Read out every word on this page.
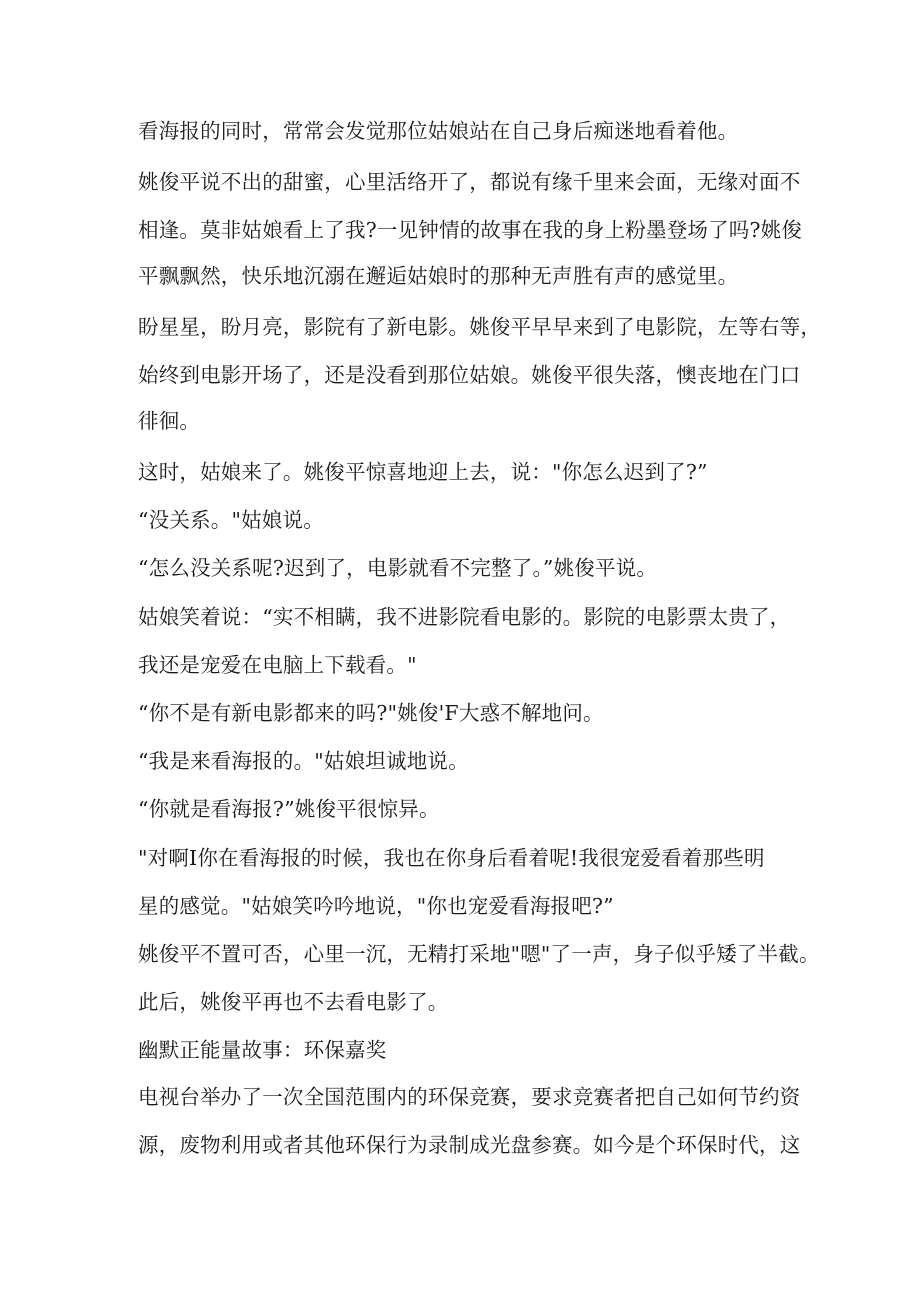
看海报的同时，常常会发觉那位姑娘站在自己身后痴迷地看着他。
姚俊平说不出的甜蜜，心里活络开了，都说有缘千里来会面，无缘对面不
相逢。莫非姑娘看上了我?一见钟情的故事在我的身上粉墨登场了吗?姚俊
平飘飘然，快乐地沉溺在邂逅姑娘时的那种无声胜有声的感觉里。
盼星星，盼月亮，影院有了新电影。姚俊平早早来到了电影院，左等右等，
始终到电影开场了，还是没看到那位姑娘。姚俊平很失落，懊丧地在门口
徘徊。
这时，姑娘来了。姚俊平惊喜地迎上去，说："你怎么迟到了?”
“没关系。"姑娘说。
“怎么没关系呢?迟到了，电影就看不完整了。”姚俊平说。
姑娘笑着说：“实不相瞒，我不进影院看电影的。影院的电影票太贵了，
我还是宠爱在电脑上下载看。"
“你不是有新电影都来的吗?"姚俊'F大惑不解地问。
“我是来看海报的。"姑娘坦诚地说。
“你就是看海报?”姚俊平很惊异。
"对啊I你在看海报的时候，我也在你身后看着呢!我很宠爱看着那些明
星的感觉。"姑娘笑吟吟地说，"你也宠爱看海报吧?”
姚俊平不置可否，心里一沉，无精打采地"嗯"了一声，身子似乎矮了半截。
此后，姚俊平再也不去看电影了。
幽默正能量故事：环保嘉奖
电视台举办了一次全国范围内的环保竞赛，要求竞赛者把自己如何节约资
源，废物利用或者其他环保行为录制成光盘参赛。如今是个环保时代，这
